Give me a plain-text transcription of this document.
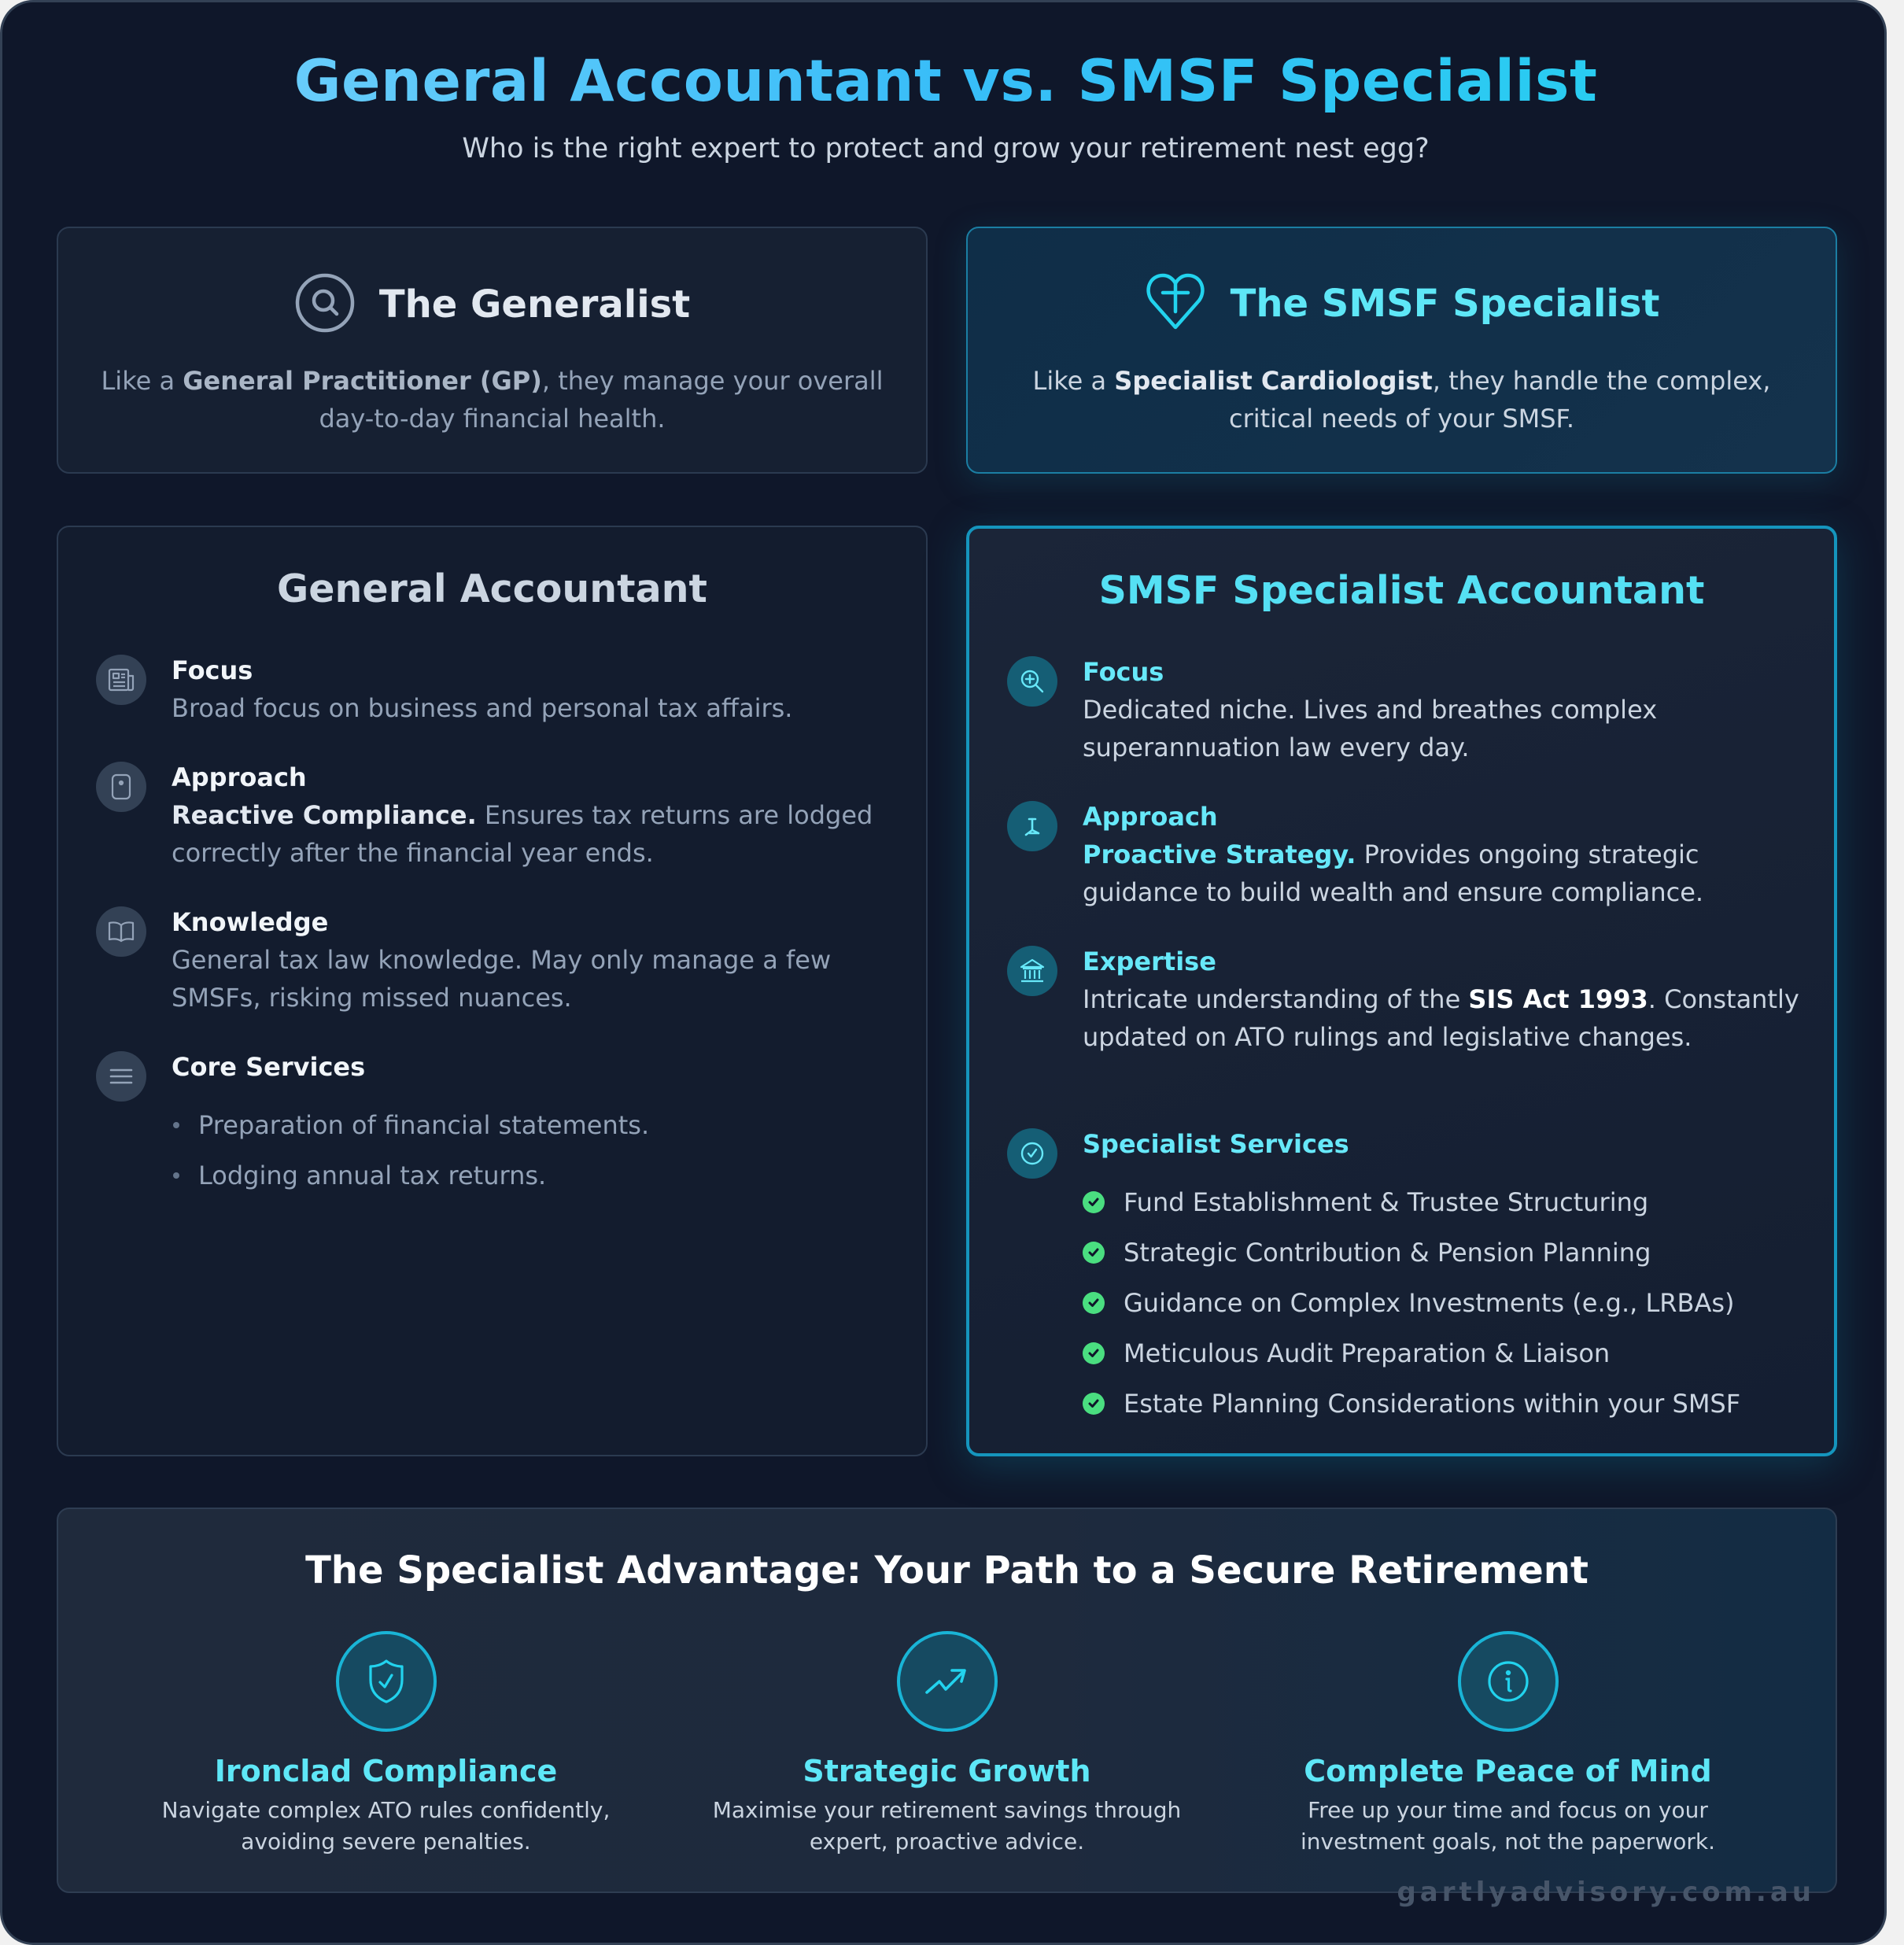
General Accountant vs. SMSF Specialist

Who is the right expert to protect and grow your retirement nest egg?

The Generalist

Like a General Practitioner (GP), they manage your overall day-to-day financial health.

The SMSF Specialist

Like a Specialist Cardiologist, they handle the complex, critical needs of your SMSF.

General Accountant
Focus
Broad focus on business and personal tax affairs.
Approach
Reactive Compliance. Ensures tax returns are lodged correctly after the financial year ends.
Knowledge
General tax law knowledge. May only manage a few SMSFs, risking missed nuances.
Core Services
Preparation of financial statements.
Lodging annual tax returns.
SMSF Specialist Accountant
Focus
Dedicated niche. Lives and breathes complex superannuation law every day.
Approach
Proactive Strategy. Provides ongoing strategic guidance to build wealth and ensure compliance.
Expertise
Intricate understanding of the SIS Act 1993. Constantly updated on ATO rulings and legislative changes.
Specialist Services
Fund Establishment & Trustee Structuring
Strategic Contribution & Pension Planning
Guidance on Complex Investments (e.g., LRBAs)
Meticulous Audit Preparation & Liaison
Estate Planning Considerations within your SMSF
The Specialist Advantage: Your Path to a Secure Retirement
Ironclad Compliance
Navigate complex ATO rules confidently, avoiding severe penalties.
Strategic Growth
Maximise your retirement savings through expert, proactive advice.
Complete Peace of Mind
Free up your time and focus on your investment goals, not the paperwork.
gartlyadvisory.com.au
